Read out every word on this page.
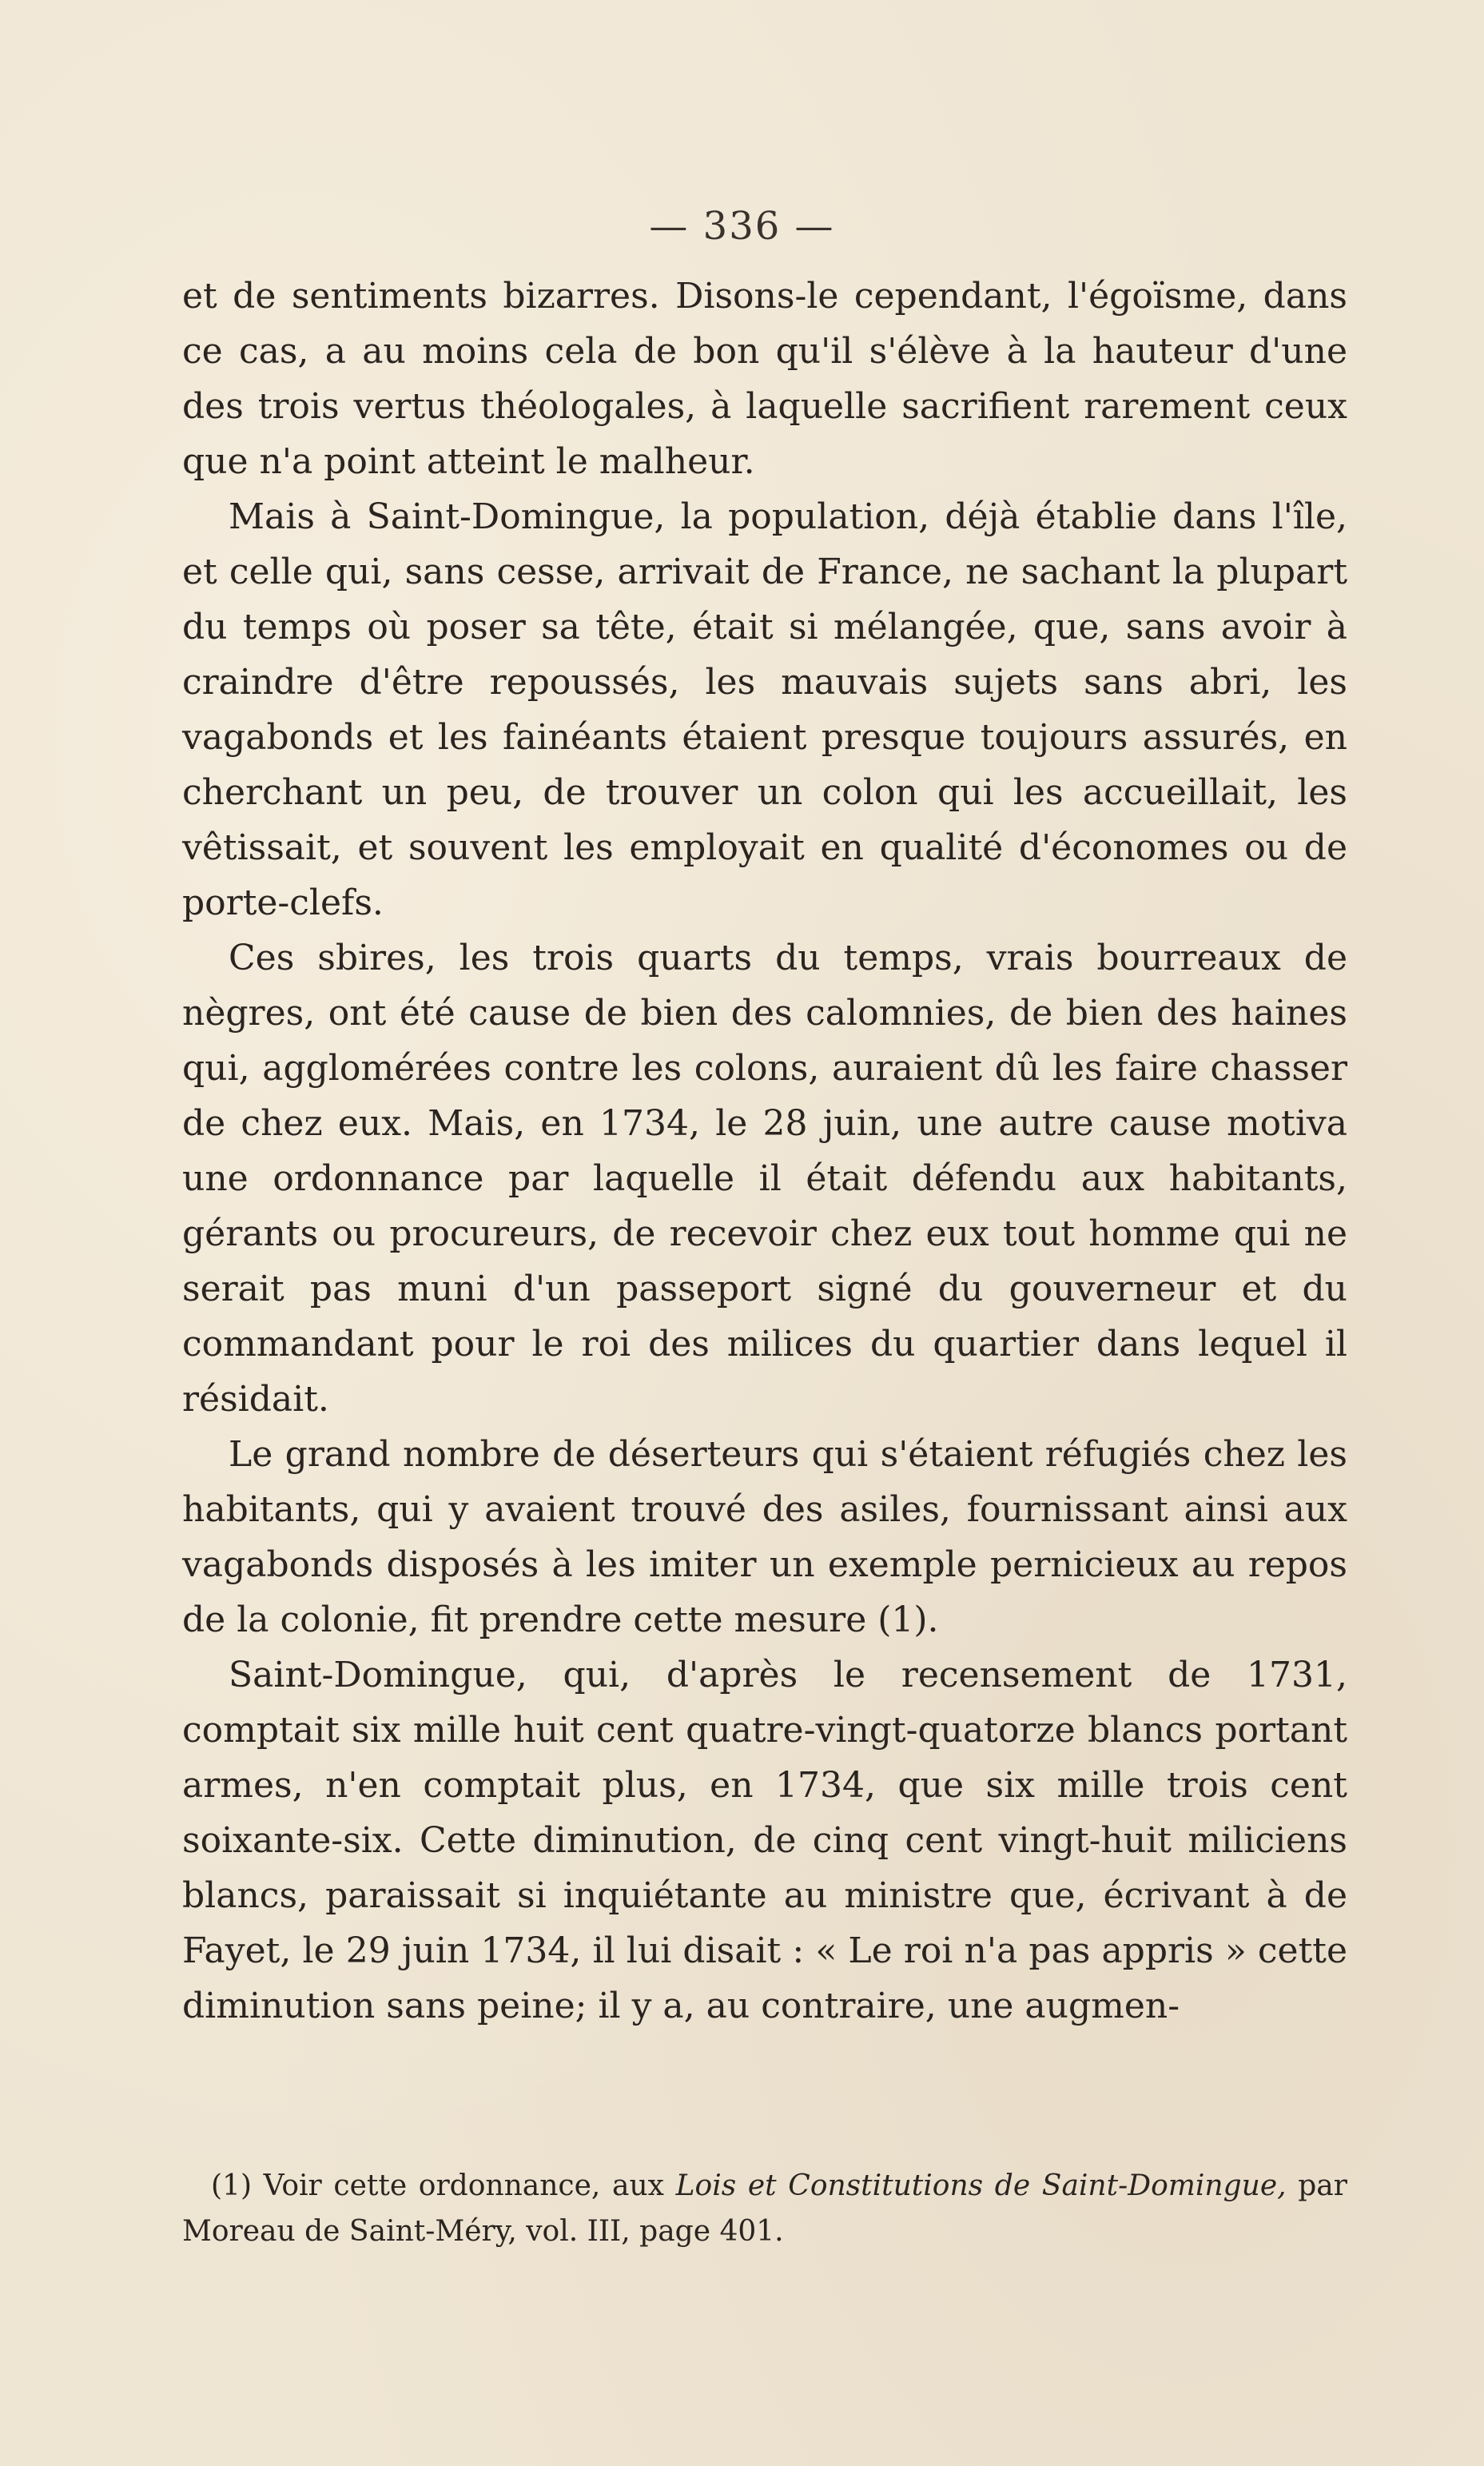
— 336 —

et de sentiments bizarres. Disons-le cependant, l'égoïsme, dans ce cas, a au moins cela de bon qu'il s'élève à la hauteur d'une des trois vertus théologales, à laquelle sacrifient rarement ceux que n'a point atteint le malheur.

Mais à Saint-Domingue, la population, déjà établie dans l'île, et celle qui, sans cesse, arrivait de France, ne sachant la plupart du temps où poser sa tête, était si mélangée, que, sans avoir à craindre d'être repoussés, les mauvais sujets sans abri, les vagabonds et les fainéants étaient presque toujours assurés, en cherchant un peu, de trouver un colon qui les accueillait, les vêtissait, et souvent les employait en qualité d'économes ou de porte-clefs.

Ces sbires, les trois quarts du temps, vrais bourreaux de nègres, ont été cause de bien des calomnies, de bien des haines qui, agglomérées contre les colons, auraient dû les faire chasser de chez eux. Mais, en 1734, le 28 juin, une autre cause motiva une ordonnance par laquelle il était défendu aux habitants, gérants ou procureurs, de recevoir chez eux tout homme qui ne serait pas muni d'un passeport signé du gouverneur et du commandant pour le roi des milices du quartier dans lequel il résidait.

Le grand nombre de déserteurs qui s'étaient réfugiés chez les habitants, qui y avaient trouvé des asiles, fournissant ainsi aux vagabonds disposés à les imiter un exemple pernicieux au repos de la colonie, fit prendre cette mesure (1).

Saint-Domingue, qui, d'après le recensement de 1731, comptait six mille huit cent quatre-vingt-quatorze blancs portant armes, n'en comptait plus, en 1734, que six mille trois cent soixante-six. Cette diminution, de cinq cent vingt-huit miliciens blancs, paraissait si inquiétante au ministre que, écrivant à de Fayet, le 29 juin 1734, il lui disait : « Le roi n'a pas appris » cette diminution sans peine; il y a, au contraire, une augmen-

(1) Voir cette ordonnance, aux Lois et Constitutions de Saint-Domingue, par Moreau de Saint-Méry, vol. III, page 401.
